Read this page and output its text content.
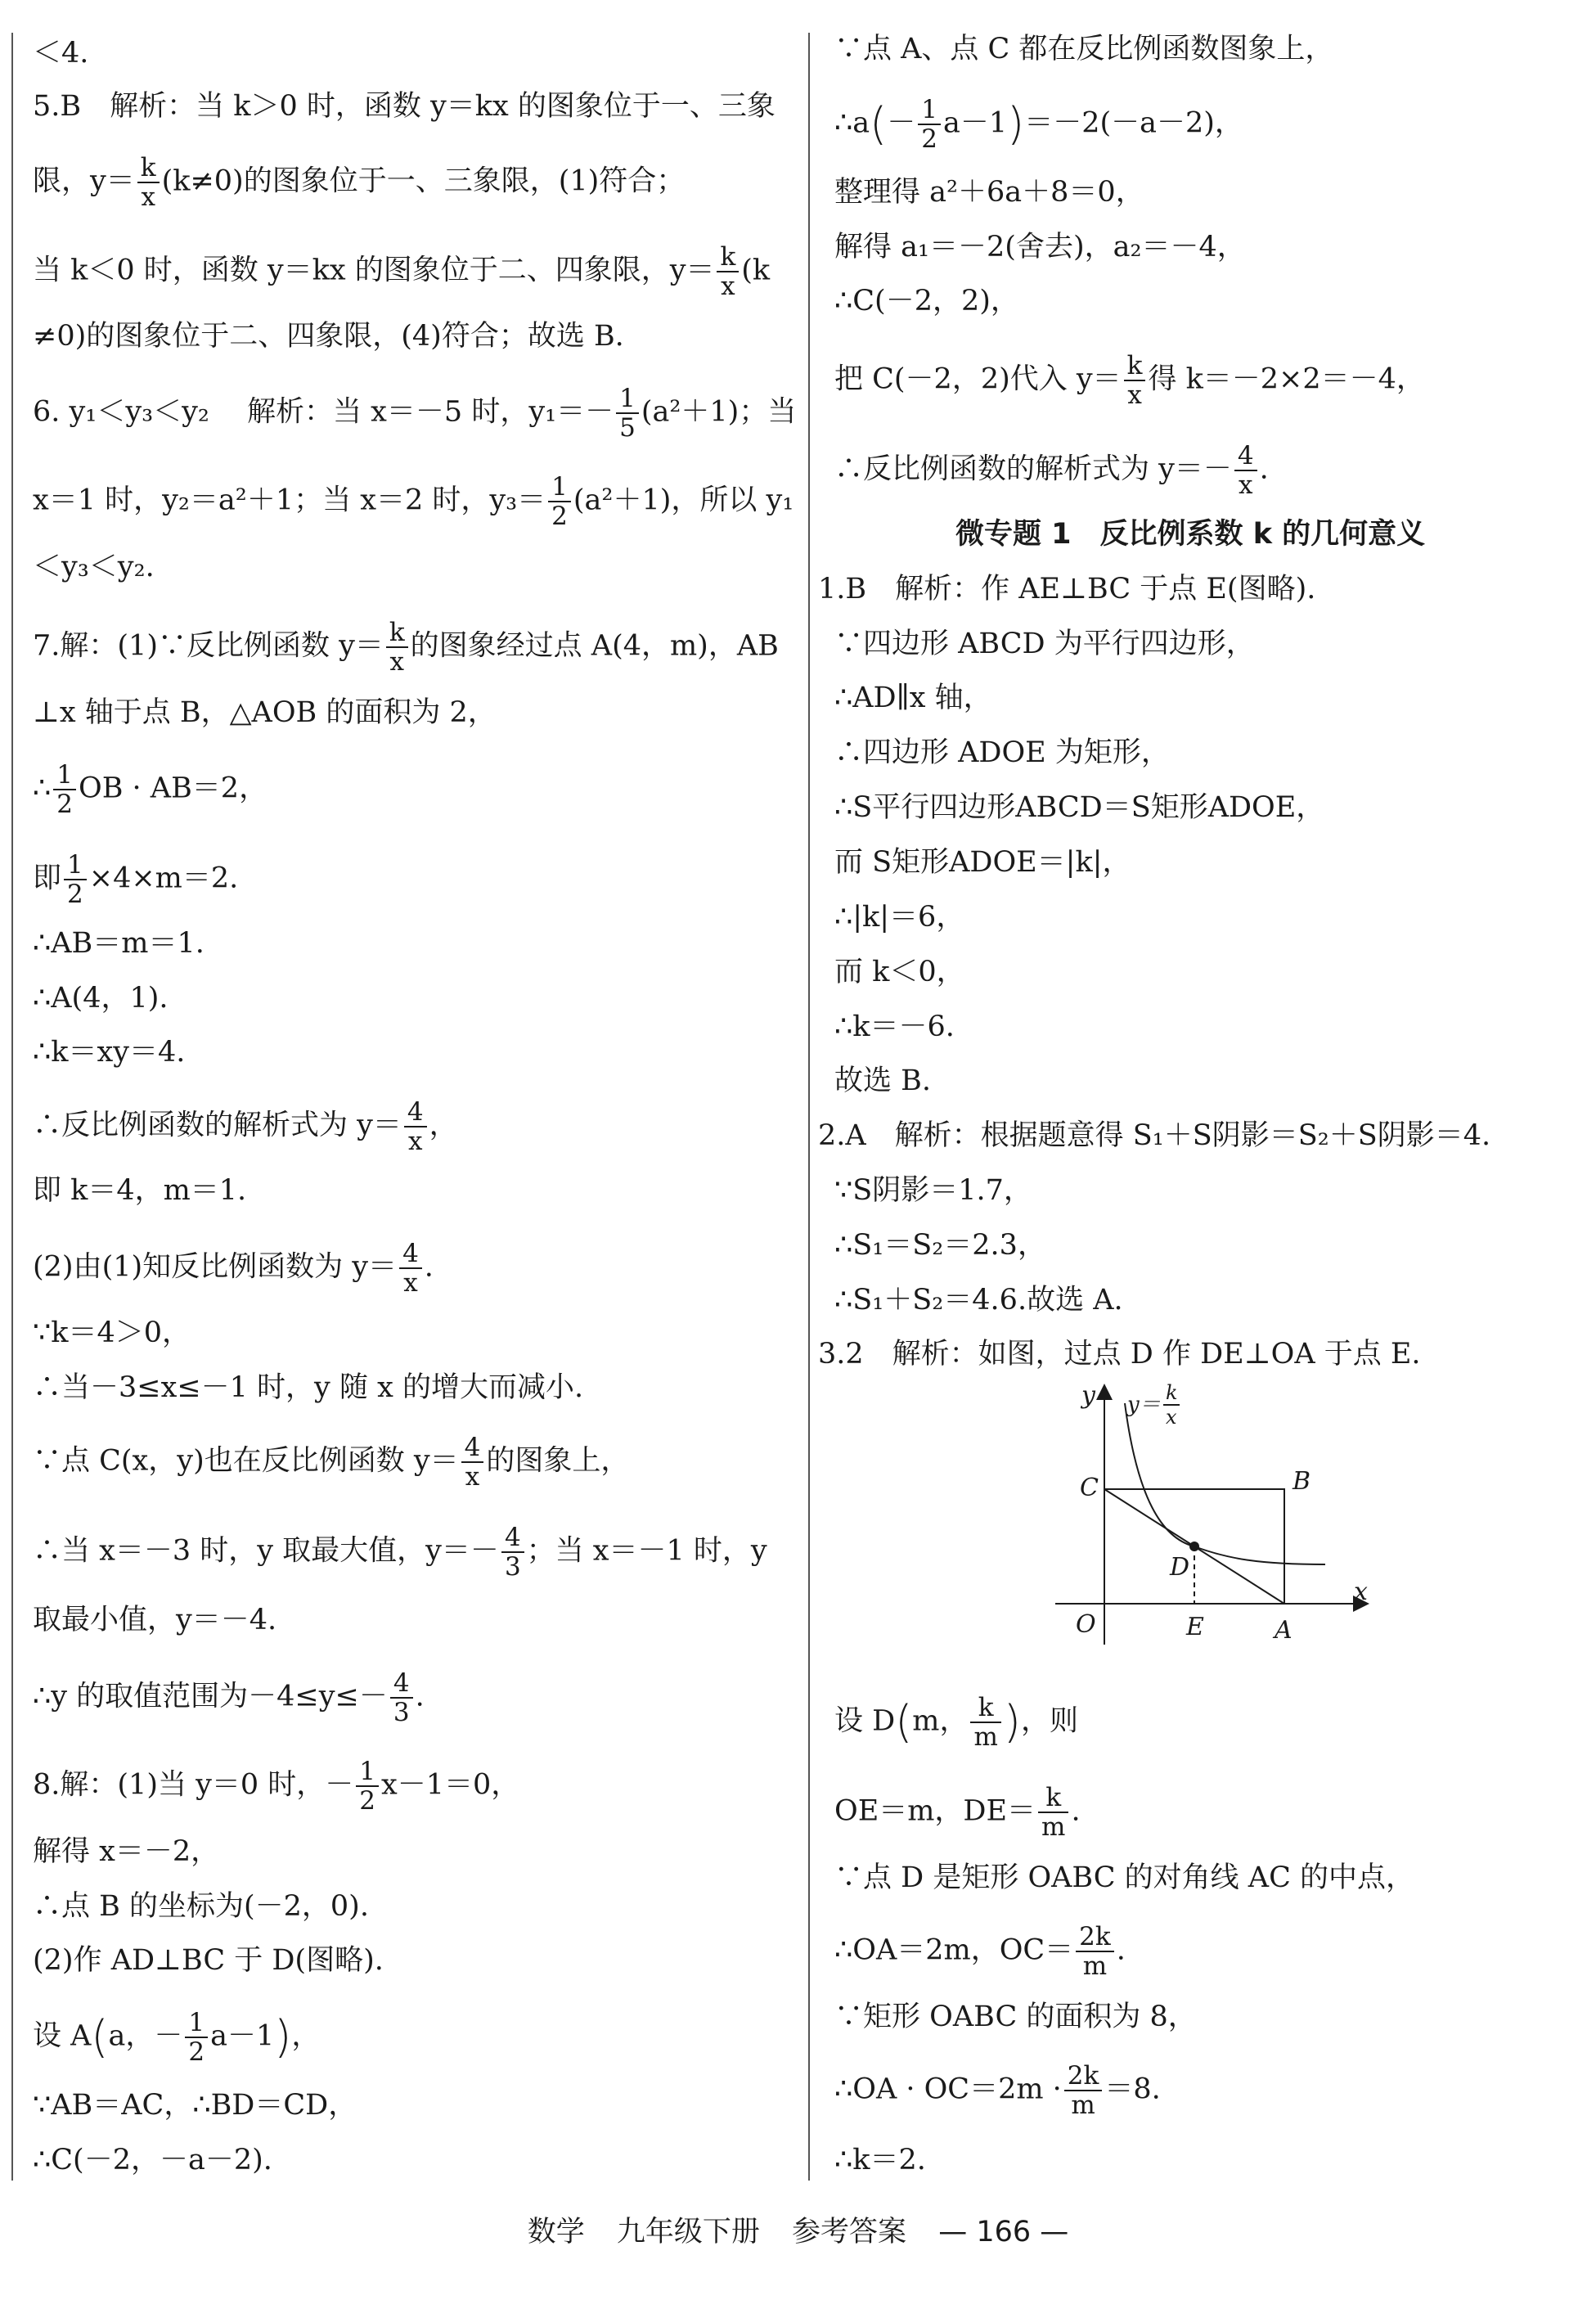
＜4.
5.B　解析：当 k＞0 时，函数 y＝kx 的图象位于一、三象
限，$y= \frac{k}{x} (k\ne 0)$的图象位于一、三象限，(1)符合；
当 k＜0 时，函数 y＝kx 的图象位于二、四象限，$y= \frac{k}{x} (k$
≠0)的图象位于二、四象限，(4)符合；故选 B.
6. y₁＜y₃＜y₂　 解析：当 x＝－5 时，$y_1=- \frac{1}{5} (a^2+1)$；当
x＝1 时，y₂＝a²＋1；当 x＝2 时，$y_3= \frac{1}{2} (a^2+1)$，所以 y₁
＜y₃＜y₂.
7.解：(1)∵反比例函数 $y= \frac{k}{x}$ 的图象经过点 A(4，m)，AB
⊥x 轴于点 B，△AOB 的面积为 2，
∴ $\frac{1}{2}$ OB · AB＝2，
即 $\frac{1}{2} \times 4\times m=2$.
∴AB＝m＝1.
∴A(4，1).
∴k＝xy＝4.
∴反比例函数的解析式为 $y= \frac{4}{x}$ ，
即 k＝4，m＝1.
(2)由(1)知反比例函数为 $y= \frac{4}{x}$ .
∵k＝4＞0，
∴当－3≤x≤－1 时，y 随 x 的增大而减小.
∵点 C(x，y)也在反比例函数 $y= \frac{4}{x}$ 的图象上，
∴当 x＝－3 时，y 取最大值，$y=- \frac{4}{3}$ ；当 x＝－1 时，y
取最小值，y＝－4.
∴y 的取值范围为$-4\le y\le- \frac{4}{3}$ .
8.解：(1)当 y＝0 时，－ $\frac{1}{2} x-1=0$，
解得 x＝－2，
∴点 B 的坐标为(－2，0).
(2)作 AD⊥BC 于 D(图略).
设 A(a，－ $\frac{1}{2} a-1$)，
∵AB＝AC，∴BD＝CD，
∴C(－2，－a－2).
∵点 A、点 C 都在反比例函数图象上，
∴a(－ $\frac{1}{2} a-1)=-2(-a-2)$，
整理得 a²＋6a＋8＝0，
解得 a₁＝－2(舍去)，a₂＝－4，
∴C(－2，2)，
把 C(－2，2)代入 $y= \frac{k}{x}$ 得 k＝－2×2＝－4，
∴反比例函数的解析式为 $y=- \frac{4}{x}$ .
微专题 1　反比例系数 k 的几何意义
1.B　解析：作 AE⊥BC 于点 E(图略).
∵四边形 ABCD 为平行四边形，
∴AD∥x 轴，
∴四边形 ADOE 为矩形，
∴S平行四边形ABCD＝S矩形ADOE，
而 S矩形ADOE＝|k|，
∴|k|＝6，
而 k＜0，
∴k＝－6.
故选 B.
2.A　解析：根据题意得 S₁＋S阴影＝S₂＋S阴影＝4.
∵S阴影＝1.7，
∴S₁＝S₂＝2.3，
∴S₁＋S₂＝4.6.故选 A.
3.2　解析：如图，过点 D 作 DE⊥OA 于点 E.
设 D(m， $\frac{k}{m}$ )，则
OE＝m，$DE= \frac{k}{m}$ .
∵点 D 是矩形 OABC 的对角线 AC 的中点，
∴OA＝2m，$OC= \frac{2k}{m}$ .
∵矩形 OABC 的面积为 8，
∴OA · $OC=2m \cdot \frac{2k}{m} =8$.
∴k＝2.
y y＝ k
x
C	B
D
O	E	A
x
数学 九年级下册 参考答案 — 166 —
